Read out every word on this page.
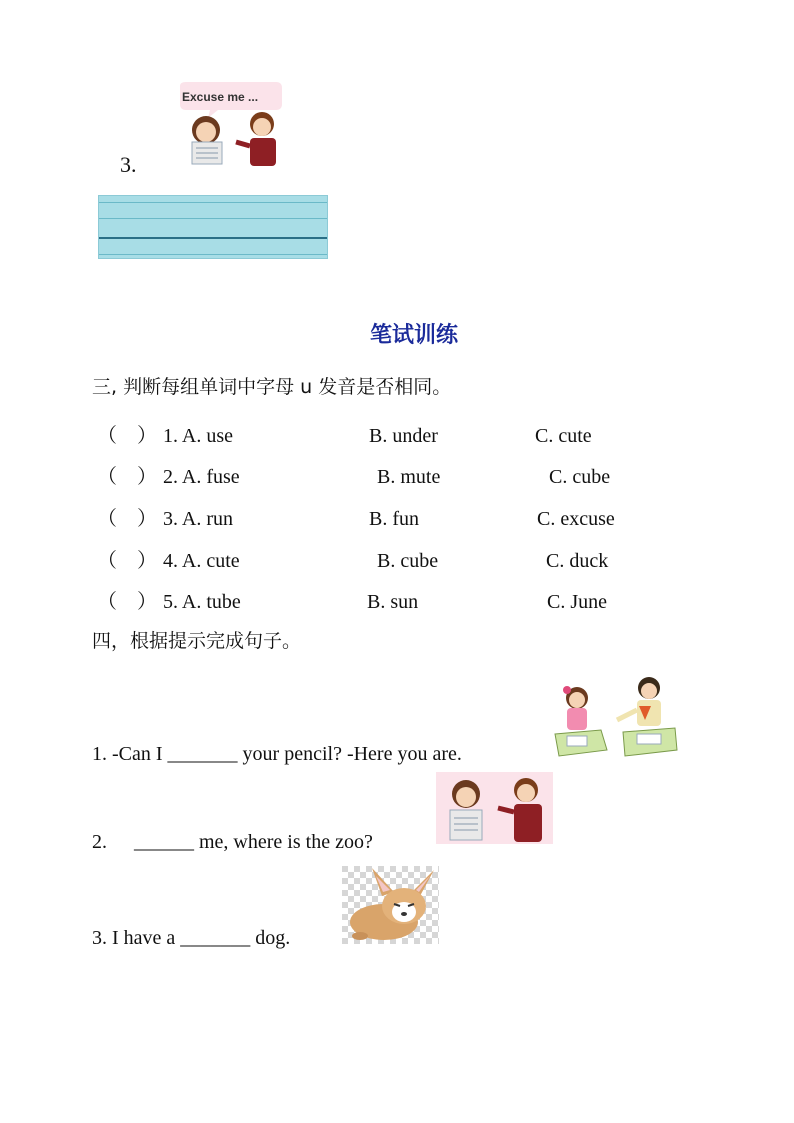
Excuse me ...
3.
笔试训练
三, 判断每组单词中字母 u 发音是否相同。
（　） 1. A. use	B. under	C. cute
（　） 2. A. fuse	B. mute	C. cube
（　） 3. A. run	B. fun	C. excuse
（　） 4. A. cute	B. cube	C. duck
（　） 5. A. tube	B. sun	C. June
四，根据提示完成句子。
1. -Can I _______ your pencil? -Here you are.
2. ______ me, where is the zoo?
3. I have a _______ dog.
